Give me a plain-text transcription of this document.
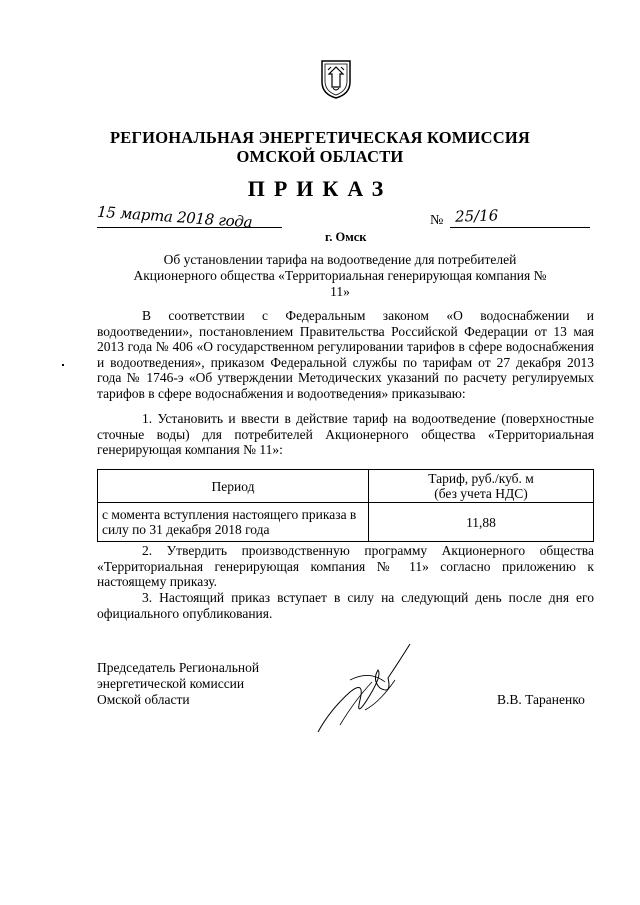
РЕГИОНАЛЬНАЯ ЭНЕРГЕТИЧЕСКАЯ КОМИССИЯ
ОМСКОЙ ОБЛАСТИ
ПРИКАЗ
15 марта 2018 года	№ 25/16
г. Омск
Об установлении тарифа на водоотведение для потребителей Акционерного общества «Территориальная генерирующая компания № 11»
В соответствии с Федеральным законом «О водоснабжении и водоотведении», постановлением Правительства Российской Федерации от 13 мая 2013 года № 406 «О государственном регулировании тарифов в сфере водоснабжения и водоотведения», приказом Федеральной службы по тарифам от 27 декабря 2013 года № 1746-э «Об утверждении Методических указаний по расчету регулируемых тарифов в сфере водоснабжения и водоотведения» приказываю:
1. Установить и ввести в действие тариф на водоотведение (поверхностные сточные воды) для потребителей Акционерного общества «Территориальная генерирующая компания № 11»:
Период	Тариф, руб./куб. м
(без учета НДС)
с момента вступления настоящего приказа в силу по 31 декабря 2018 года	11,88
2. Утвердить производственную программу Акционерного общества «Территориальная генерирующая компания № 11» согласно приложению к настоящему приказу.
3. Настоящий приказ вступает в силу на следующий день после дня его официального опубликования.
Председатель Региональной
энергетической комиссии
Омской области	В.В. Тараненко
